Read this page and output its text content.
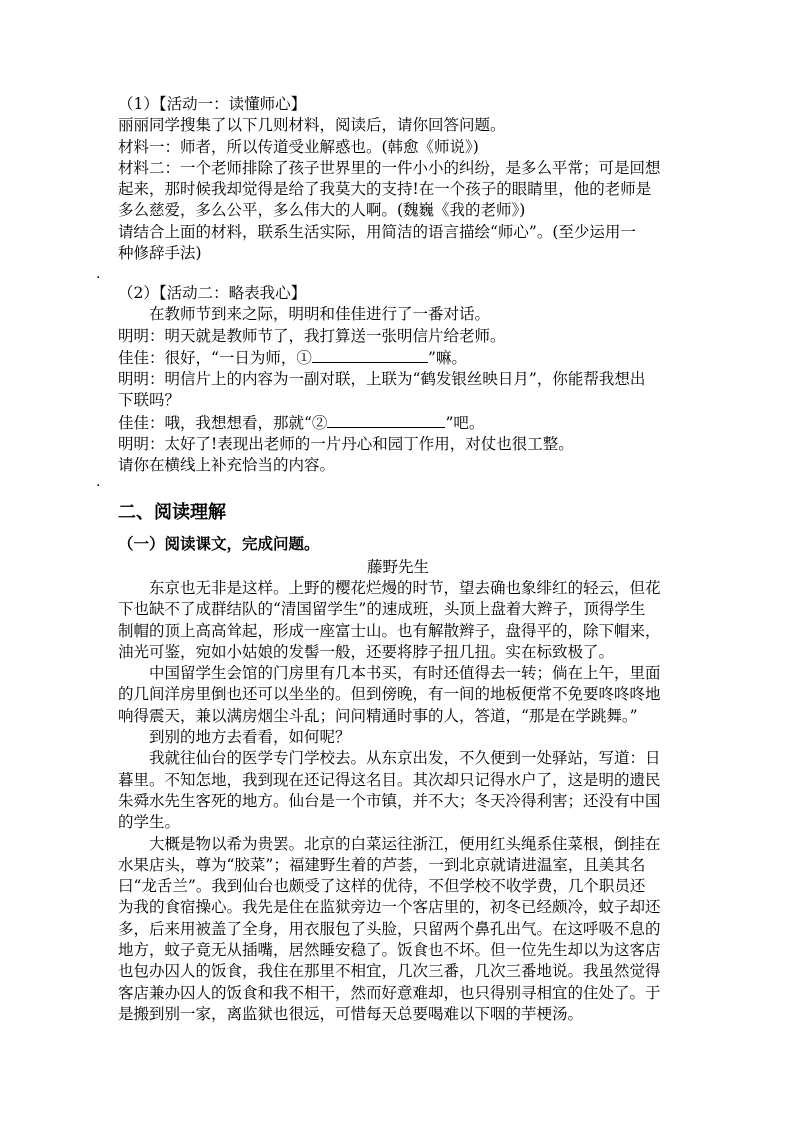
（1）【活动一：读懂师心】
丽丽同学搜集了以下几则材料，阅读后，请你回答问题。
材料一：师者，所以传道受业解惑也。(韩愈《师说》)
材料二：一个老师排除了孩子世界里的一件小小的纠纷，是多么平常；可是回想
起来，那时候我却觉得是给了我莫大的支持!在一个孩子的眼睛里，他的老师是
多么慈爱，多么公平，多么伟大的人啊。(魏巍《我的老师》)
请结合上面的材料，联系生活实际，用简洁的语言描绘“师心”。(至少运用一
种修辞手法)
·
（2）【活动二：略表我心】
在教师节到来之际，明明和佳佳进行了一番对话。
明明：明天就是教师节了，我打算送一张明信片给老师。
佳佳：很好，“一日为师，①	”嘛。
明明：明信片上的内容为一副对联，上联为“鹤发银丝映日月”，你能帮我想出
下联吗？
佳佳：哦，我想想看，那就“②	”吧。
明明：太好了!表现出老师的一片丹心和园丁作用，对仗也很工整。
请你在横线上补充恰当的内容。
·
二、阅读理解
（一）阅读课文，完成问题。
藤野先生
东京也无非是这样。上野的樱花烂熳的时节，望去确也象绯红的轻云，但花
下也缺不了成群结队的“清国留学生”的速成班，头顶上盘着大辫子，顶得学生
制帽的顶上高高耸起，形成一座富士山。也有解散辫子，盘得平的，除下帽来，
油光可鉴，宛如小姑娘的发髻一般，还要将脖子扭几扭。实在标致极了。
中国留学生会馆的门房里有几本书买，有时还值得去一转；倘在上午，里面
的几间洋房里倒也还可以坐坐的。但到傍晚，有一间的地板便常不免要咚咚咚地
响得震天，兼以满房烟尘斗乱；问问精通时事的人，答道，“那是在学跳舞。”
到别的地方去看看，如何呢？
我就往仙台的医学专门学校去。从东京出发，不久便到一处驿站，写道：日
暮里。不知怎地，我到现在还记得这名目。其次却只记得水户了，这是明的遗民
朱舜水先生客死的地方。仙台是一个市镇，并不大；冬天冷得利害；还没有中国
的学生。
大概是物以希为贵罢。北京的白菜运往浙江，便用红头绳系住菜根，倒挂在
水果店头，尊为“胶菜”；福建野生着的芦荟，一到北京就请进温室，且美其名
曰“龙舌兰”。我到仙台也颇受了这样的优待，不但学校不收学费，几个职员还
为我的食宿操心。我先是住在监狱旁边一个客店里的，初冬已经颇冷，蚊子却还
多，后来用被盖了全身，用衣服包了头脸，只留两个鼻孔出气。在这呼吸不息的
地方，蚊子竟无从插嘴，居然睡安稳了。饭食也不坏。但一位先生却以为这客店
也包办囚人的饭食，我住在那里不相宜，几次三番，几次三番地说。我虽然觉得
客店兼办囚人的饭食和我不相干，然而好意难却，也只得别寻相宜的住处了。于
是搬到别一家，离监狱也很远，可惜每天总要喝难以下咽的芋梗汤。
